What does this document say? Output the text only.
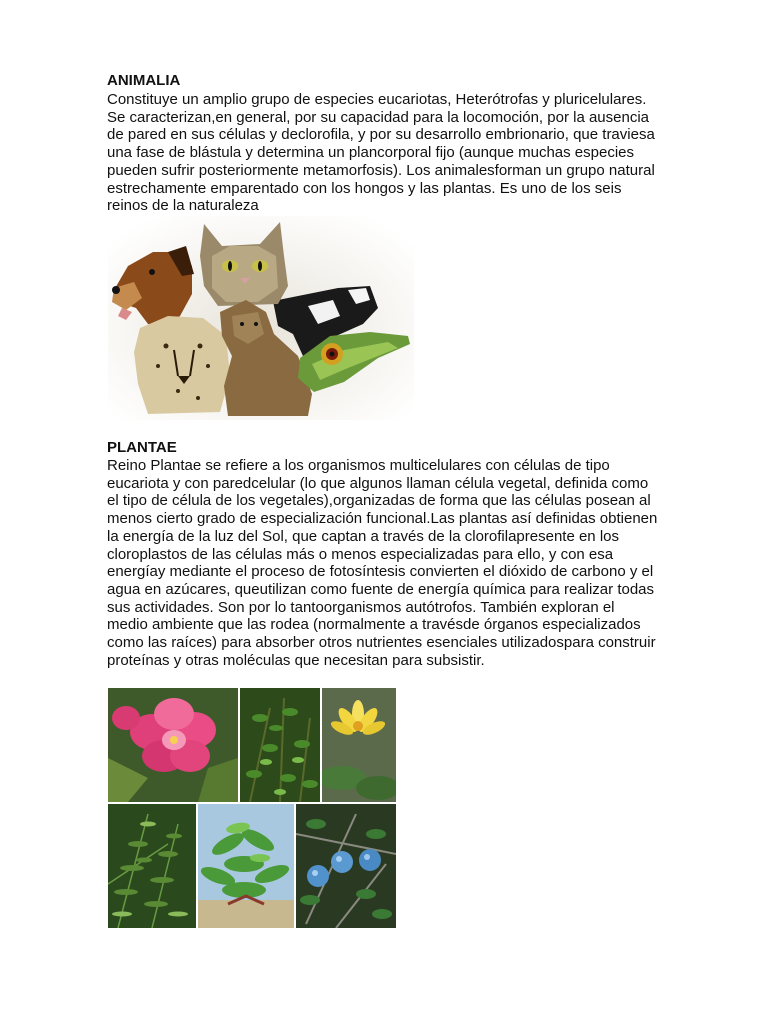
ANIMALIA

Constituye un amplio grupo de especies eucariotas, Heterótrofas y pluricelulares.
Se caracterizan,en general, por su capacidad para la locomoción, por la ausencia
de pared en sus células y declorofila, y por su desarrollo embrionario, que traviesa
una fase de blástula y determina un plancorporal fijo (aunque muchas especies
pueden sufrir posteriormente metamorfosis). Los animalesforman un grupo natural
estrechamente emparentado con los hongos y las plantas. Es uno de los seis
reinos de la naturaleza

PLANTAE

Reino Plantae se refiere a los organismos multicelulares con células de tipo
eucariota y con paredcelular (lo que algunos llaman célula vegetal, definida como
el tipo de célula de los vegetales),organizadas de forma que las células posean al
menos cierto grado de especialización funcional.Las plantas así definidas obtienen
la energía de la luz del Sol, que captan a través de la clorofilapresente en los
cloroplastos de las células más o menos especializadas para ello, y con esa
energíay mediante el proceso de fotosíntesis convierten el dióxido de carbono y el
agua en azúcares, queutilizan como fuente de energía química para realizar todas
sus actividades. Son por lo tantoorganismos autótrofos. También exploran el
medio ambiente que las rodea (normalmente a travésde órganos especializados
como las raíces) para absorber otros nutrientes esenciales utilizadospara construir
proteínas y otras moléculas que necesitan para subsistir.
